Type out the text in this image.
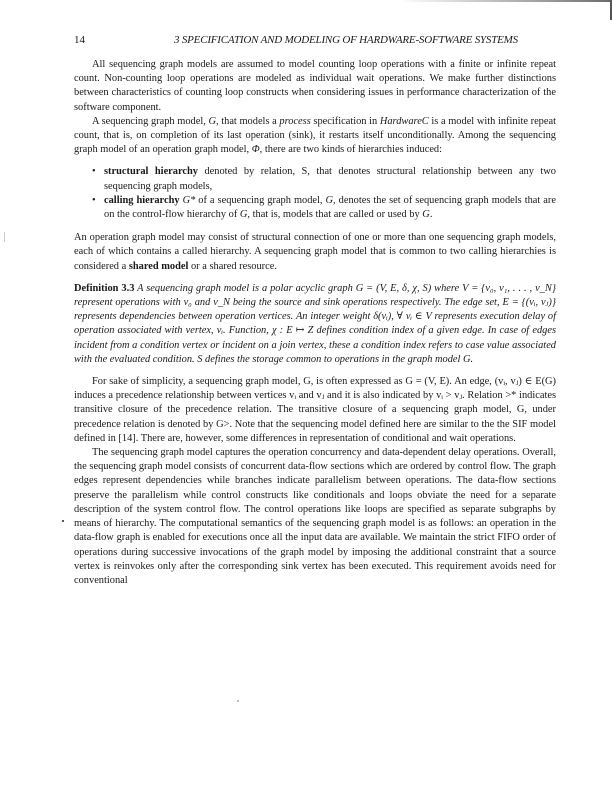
14	3 SPECIFICATION AND MODELING OF HARDWARE-SOFTWARE SYSTEMS

All sequencing graph models are assumed to model counting loop operations with a finite or infinite repeat count. Non-counting loop operations are modeled as individual wait operations. We make further distinctions between characteristics of counting loop constructs when considering issues in performance characterization of the software component.

A sequencing graph model, G, that models a process specification in HardwareC is a model with infinite repeat count, that is, on completion of its last operation (sink), it restarts itself unconditionally. Among the sequencing graph model of an operation graph model, Φ, there are two kinds of hierarchies induced:

• structural hierarchy denoted by relation, S, that denotes structural relationship between any two sequencing graph models,
• calling hierarchy G* of a sequencing graph model, G, denotes the set of sequencing graph models that are on the control-flow hierarchy of G, that is, models that are called or used by G.

An operation graph model may consist of structural connection of one or more than one sequencing graph models, each of which contains a called hierarchy. A sequencing graph model that is common to two calling hierarchies is considered a shared model or a shared resource.

Definition 3.3 A sequencing graph model is a polar acyclic graph G = (V, E, δ, χ, S) where V = {v₀, v₁, . . . , v_N} represent operations with v₀ and v_N being the source and sink operations respectively. The edge set, E = {(vᵢ, vⱼ)} represents dependencies between operation vertices. An integer weight δ(vᵢ), ∀ vᵢ ∈ V represents execution delay of operation associated with vertex, vᵢ. Function, χ : E ↦ Z defines condition index of a given edge. In case of edges incident from a condition vertex or incident on a join vertex, these a condition index refers to case value associated with the evaluated condition. S defines the storage common to operations in the graph model G.

For sake of simplicity, a sequencing graph model, G, is often expressed as G = (V, E). An edge, (vᵢ, vⱼ) ∈ E(G) induces a precedence relationship between vertices vᵢ and vⱼ and it is also indicated by vᵢ > vⱼ. Relation >* indicates transitive closure of the precedence relation. The transitive closure of a sequencing graph model, G, under precedence relation is denoted by G>. Note that the sequencing model defined here are similar to the the SIF model defined in [14]. There are, however, some differences in representation of conditional and wait operations.

The sequencing graph model captures the operation concurrency and data-dependent delay operations. Overall, the sequencing graph model consists of concurrent data-flow sections which are ordered by control flow. The graph edges represent dependencies while branches indicate parallelism between operations. The data-flow sections preserve the parallelism while control constructs like conditionals and loops obviate the need for a separate description of the system control flow. The control operations like loops are specified as separate subgraphs by means of hierarchy. The computational semantics of the sequencing graph model is as follows: an operation in the data-flow graph is enabled for executions once all the input data are available. We maintain the strict FIFO order of operations during successive invocations of the graph model by imposing the additional constraint that a source vertex is reinvokes only after the corresponding sink vertex has been executed. This requirement avoids need for conventional
